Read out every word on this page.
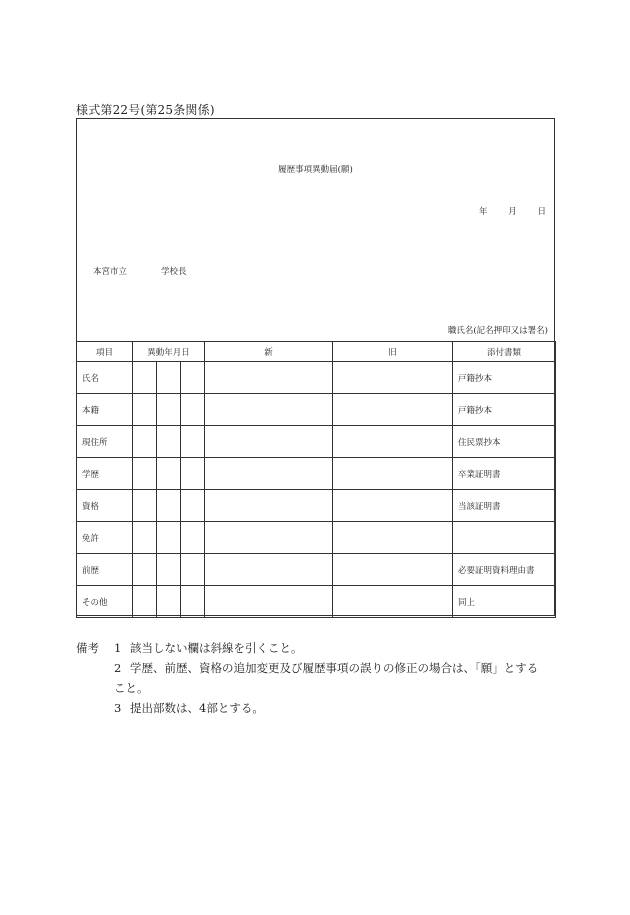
様式第22号(第25条関係)
履歴事項異動届(願)
年 月 日
本宮市立	学校長
職氏名(記名押印又は署名)
項目	異動年月日			新	旧	添付書類
氏名						戸籍抄本
本籍						戸籍抄本
現住所						住民票抄本
学歴						卒業証明書
資格						当該証明書
免許						
前歴						必要証明資料理由書
その他						同上
備考	1 該当しない欄は斜線を引くこと。
2 学歴、前歴、資格の追加変更及び履歴事項の誤りの修正の場合は、「願」とする
こと。
3 提出部数は、4部とする。
